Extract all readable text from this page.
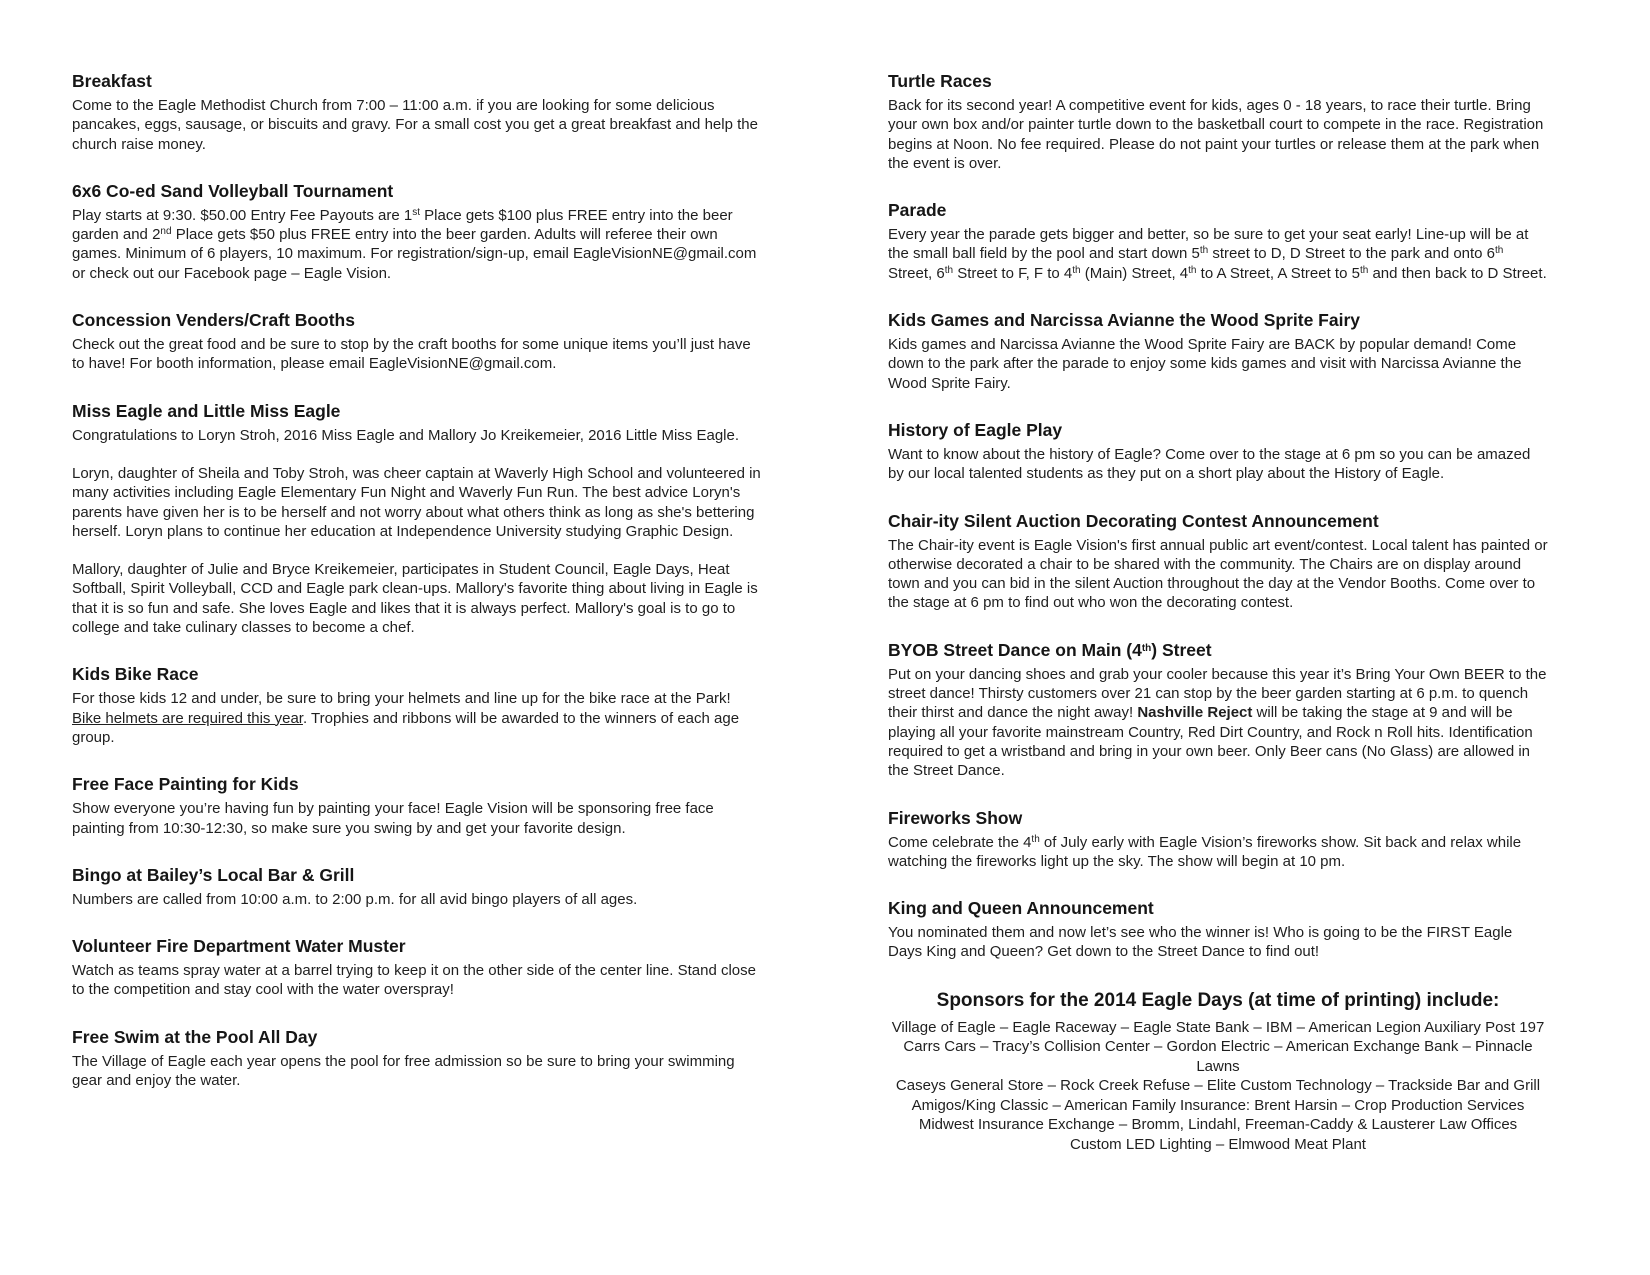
Breakfast

Come to the Eagle Methodist Church from 7:00 – 11:00 a.m. if you are looking for some delicious pancakes, eggs, sausage, or biscuits and gravy. For a small cost you get a great breakfast and help the church raise money.

6x6 Co-ed Sand Volleyball Tournament

Play starts at 9:30. $50.00 Entry Fee Payouts are 1st Place gets $100 plus FREE entry into the beer garden and 2nd Place gets $50 plus FREE entry into the beer garden. Adults will referee their own games. Minimum of 6 players, 10 maximum. For registration/sign-up, email EagleVisionNE@gmail.com or check out our Facebook page – Eagle Vision.

Concession Venders/Craft Booths

Check out the great food and be sure to stop by the craft booths for some unique items you’ll just have to have! For booth information, please email EagleVisionNE@gmail.com.

Miss Eagle and Little Miss Eagle

Congratulations to Loryn Stroh, 2016 Miss Eagle and Mallory Jo Kreikemeier, 2016 Little Miss Eagle.

Loryn, daughter of Sheila and Toby Stroh, was cheer captain at Waverly High School and volunteered in many activities including Eagle Elementary Fun Night and Waverly Fun Run. The best advice Loryn's parents have given her is to be herself and not worry about what others think as long as she's bettering herself. Loryn plans to continue her education at Independence University studying Graphic Design.

Mallory, daughter of Julie and Bryce Kreikemeier, participates in Student Council, Eagle Days, Heat Softball, Spirit Volleyball, CCD and Eagle park clean-ups. Mallory's favorite thing about living in Eagle is that it is so fun and safe. She loves Eagle and likes that it is always perfect. Mallory's goal is to go to college and take culinary classes to become a chef.

Kids Bike Race

For those kids 12 and under, be sure to bring your helmets and line up for the bike race at the Park! Bike helmets are required this year. Trophies and ribbons will be awarded to the winners of each age group.

Free Face Painting for Kids

Show everyone you’re having fun by painting your face! Eagle Vision will be sponsoring free face painting from 10:30-12:30, so make sure you swing by and get your favorite design.

Bingo at Bailey’s Local Bar & Grill

Numbers are called from 10:00 a.m. to 2:00 p.m. for all avid bingo players of all ages.

Volunteer Fire Department Water Muster

Watch as teams spray water at a barrel trying to keep it on the other side of the center line. Stand close to the competition and stay cool with the water overspray!

Free Swim at the Pool All Day

The Village of Eagle each year opens the pool for free admission so be sure to bring your swimming gear and enjoy the water.

Turtle Races

Back for its second year! A competitive event for kids, ages 0 - 18 years, to race their turtle. Bring your own box and/or painter turtle down to the basketball court to compete in the race. Registration begins at Noon. No fee required. Please do not paint your turtles or release them at the park when the event is over.

Parade

Every year the parade gets bigger and better, so be sure to get your seat early! Line-up will be at the small ball field by the pool and start down 5th street to D, D Street to the park and onto 6th Street, 6th Street to F, F to 4th (Main) Street, 4th to A Street, A Street to 5th and then back to D Street.

Kids Games and Narcissa Avianne the Wood Sprite Fairy

Kids games and Narcissa Avianne the Wood Sprite Fairy are BACK by popular demand! Come down to the park after the parade to enjoy some kids games and visit with Narcissa Avianne the Wood Sprite Fairy.

History of Eagle Play

Want to know about the history of Eagle? Come over to the stage at 6 pm so you can be amazed by our local talented students as they put on a short play about the History of Eagle.

Chair-ity Silent Auction Decorating Contest Announcement

The Chair-ity event is Eagle Vision's first annual public art event/contest. Local talent has painted or otherwise decorated a chair to be shared with the community. The Chairs are on display around town and you can bid in the silent Auction throughout the day at the Vendor Booths. Come over to the stage at 6 pm to find out who won the decorating contest.

BYOB Street Dance on Main (4th) Street

Put on your dancing shoes and grab your cooler because this year it’s Bring Your Own BEER to the street dance! Thirsty customers over 21 can stop by the beer garden starting at 6 p.m. to quench their thirst and dance the night away! Nashville Reject will be taking the stage at 9 and will be playing all your favorite mainstream Country, Red Dirt Country, and Rock n Roll hits. Identification required to get a wristband and bring in your own beer. Only Beer cans (No Glass) are allowed in the Street Dance.

Fireworks Show

Come celebrate the 4th of July early with Eagle Vision’s fireworks show. Sit back and relax while watching the fireworks light up the sky. The show will begin at 10 pm.

King and Queen Announcement

You nominated them and now let’s see who the winner is! Who is going to be the FIRST Eagle Days King and Queen? Get down to the Street Dance to find out!

Sponsors for the 2014 Eagle Days (at time of printing) include:

Village of Eagle – Eagle Raceway – Eagle State Bank – IBM – American Legion Auxiliary Post 197

Carrs Cars – Tracy’s Collision Center – Gordon Electric – American Exchange Bank – Pinnacle Lawns

Caseys General Store – Rock Creek Refuse – Elite Custom Technology – Trackside Bar and Grill

Amigos/King Classic – American Family Insurance: Brent Harsin – Crop Production Services

Midwest Insurance Exchange – Bromm, Lindahl, Freeman-Caddy & Lausterer Law Offices

Custom LED Lighting – Elmwood Meat Plant
